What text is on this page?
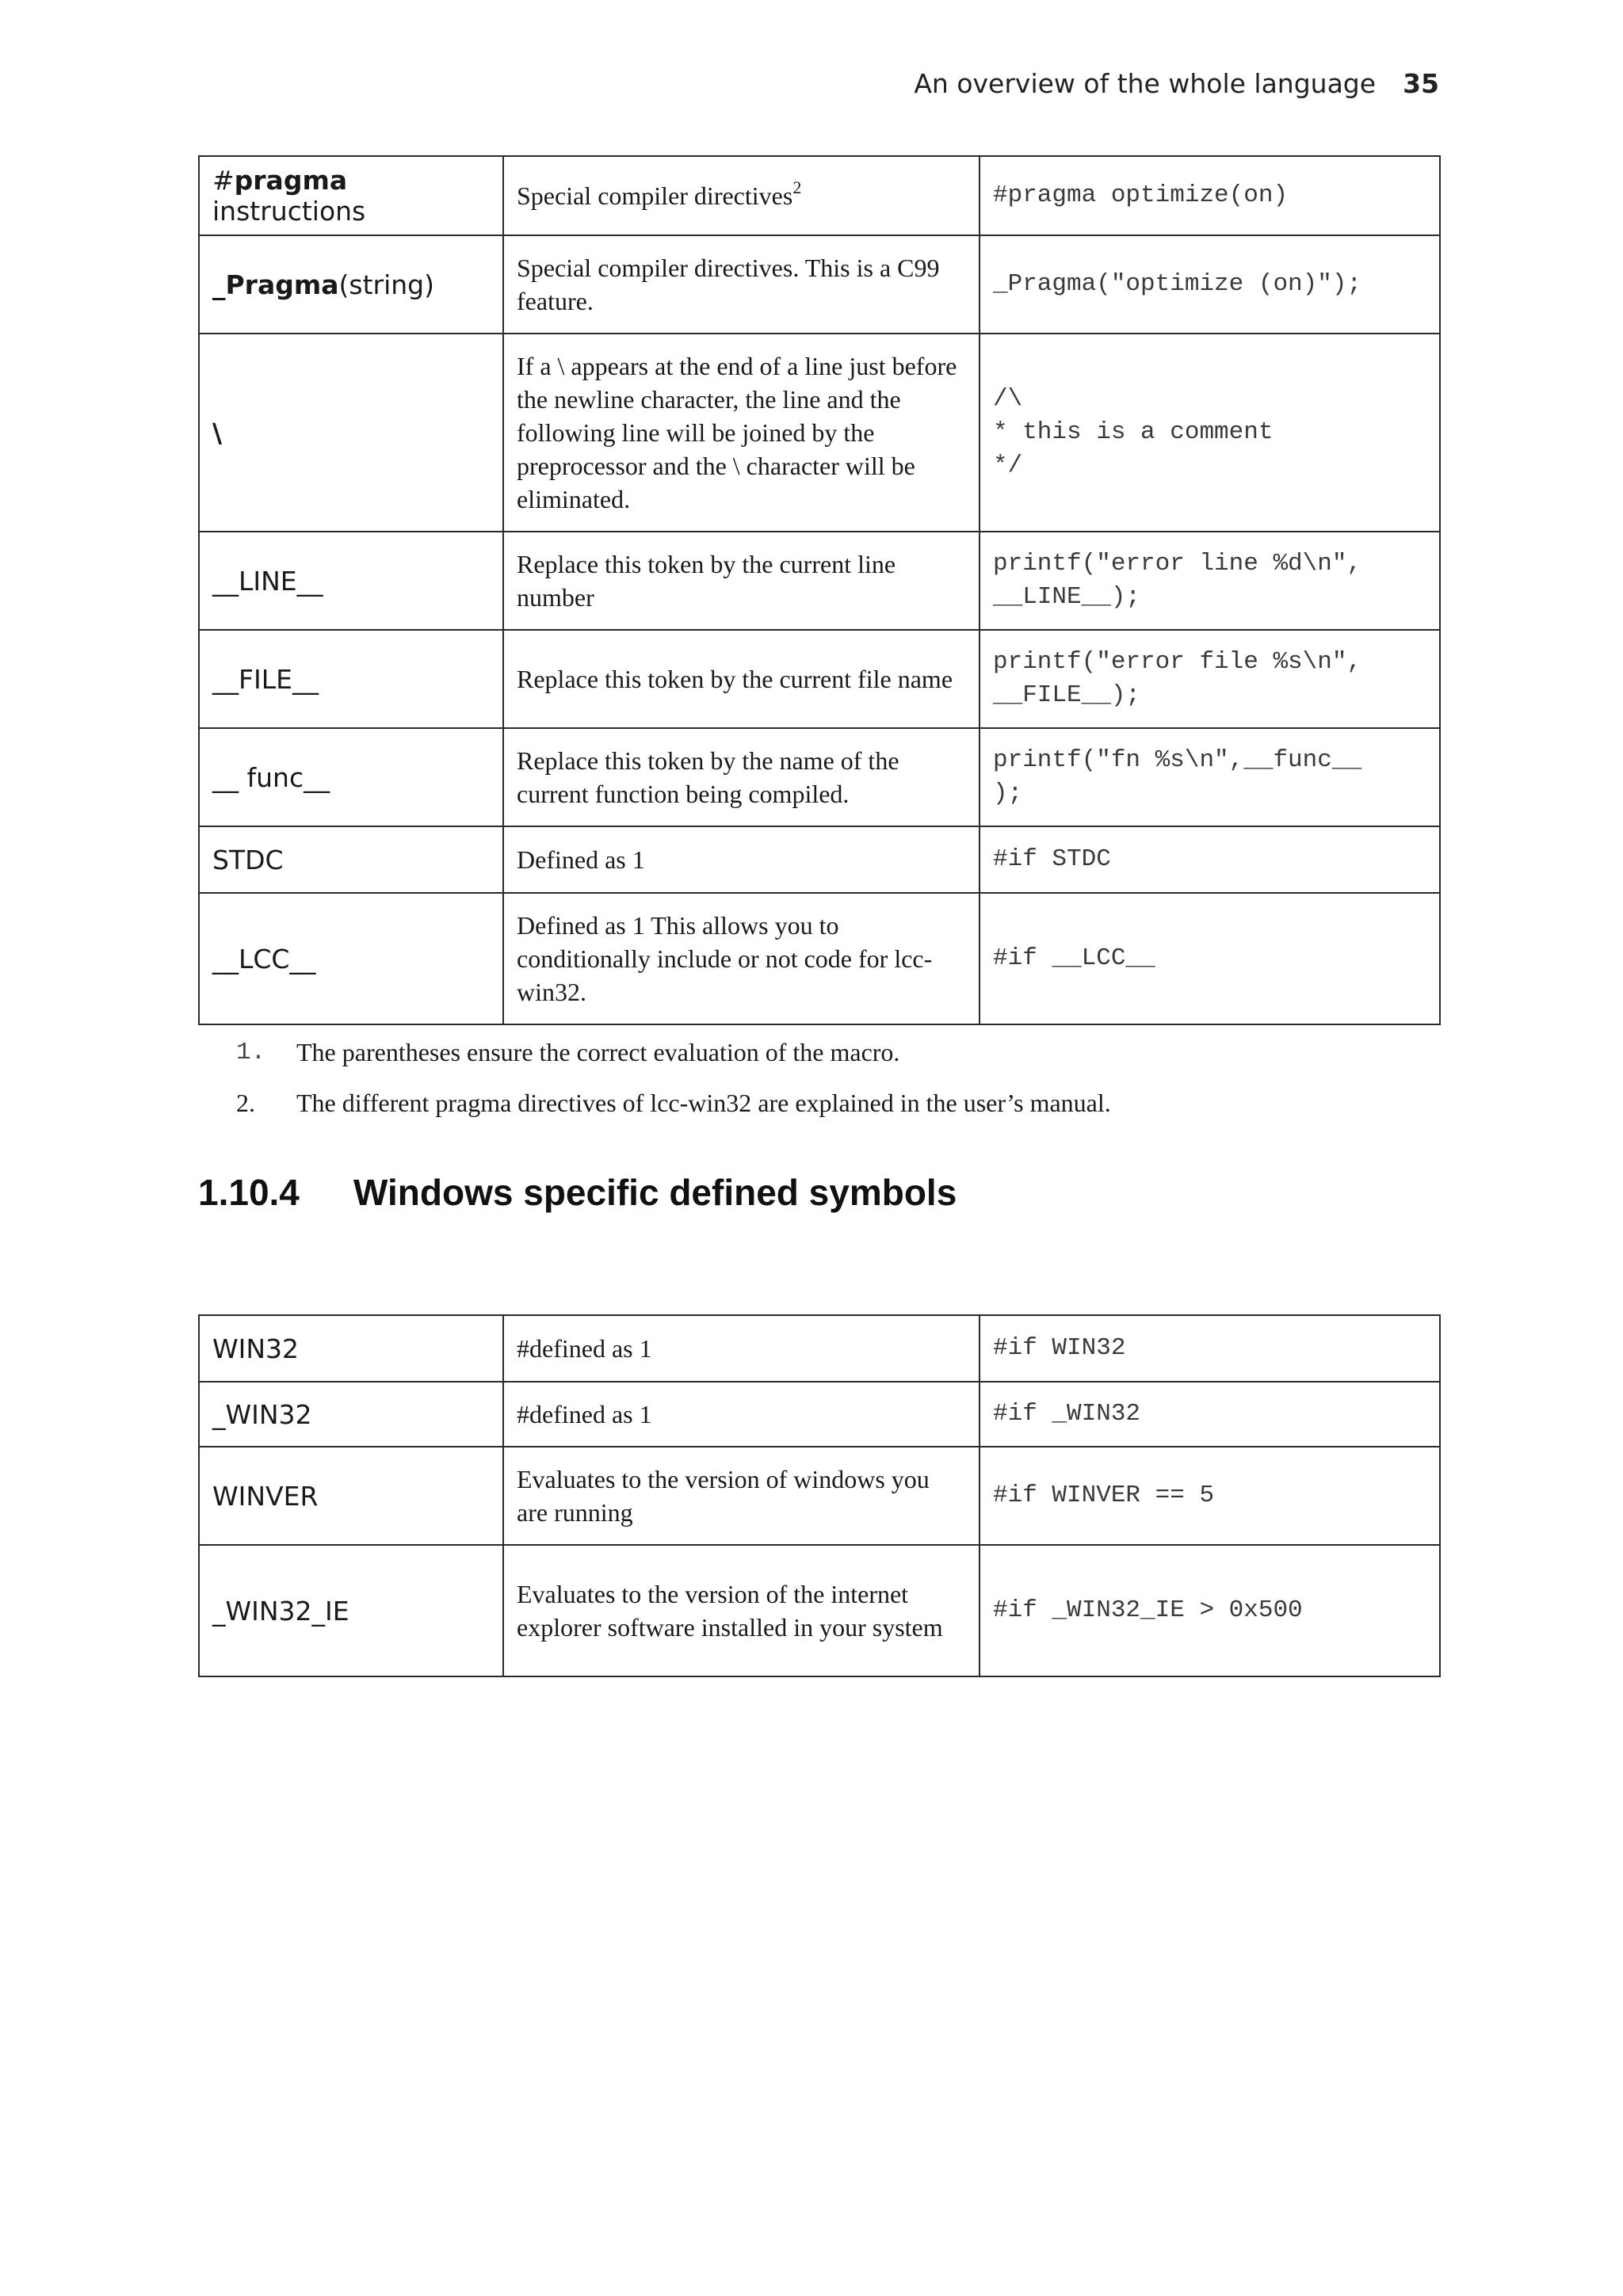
An overview of the whole language 35
#pragma instructions	Special compiler directives$^2$	#pragma optimize(on)
_Pragma(string)	Special compiler directives. This is a C99 feature.	_Pragma("optimize (on)");
\	If a \ appears at the end of a line just before the newline character, the line and the following line will be joined by the preprocessor and the \ character will be eliminated.	/\
* this is a comment
*/
__LINE__	Replace this token by the current line number	printf("error line %d\n",
__LINE__);
__FILE__	Replace this token by the current file name	printf("error file %s\n",
__FILE__);
__ func__	Replace this token by the name of the current function being compiled.	printf("fn %s\n",__func__
);
STDC	Defined as 1	#if STDC
__LCC__	Defined as 1 This allows you to conditionally include or not code for lcc-win32.	#if __LCC__
1.	The parentheses ensure the correct evaluation of the macro.
2.	The different pragma directives of lcc-win32 are explained in the user’s manual.
1.10.4 Windows specific defined symbols
WIN32	#defined as 1	#if WIN32
_WIN32	#defined as 1	#if _WIN32
WINVER	Evaluates to the version of windows you are running	#if WINVER == 5
_WIN32_IE	Evaluates to the version of the internet explorer software installed in your system	#if _WIN32_IE > 0x500
